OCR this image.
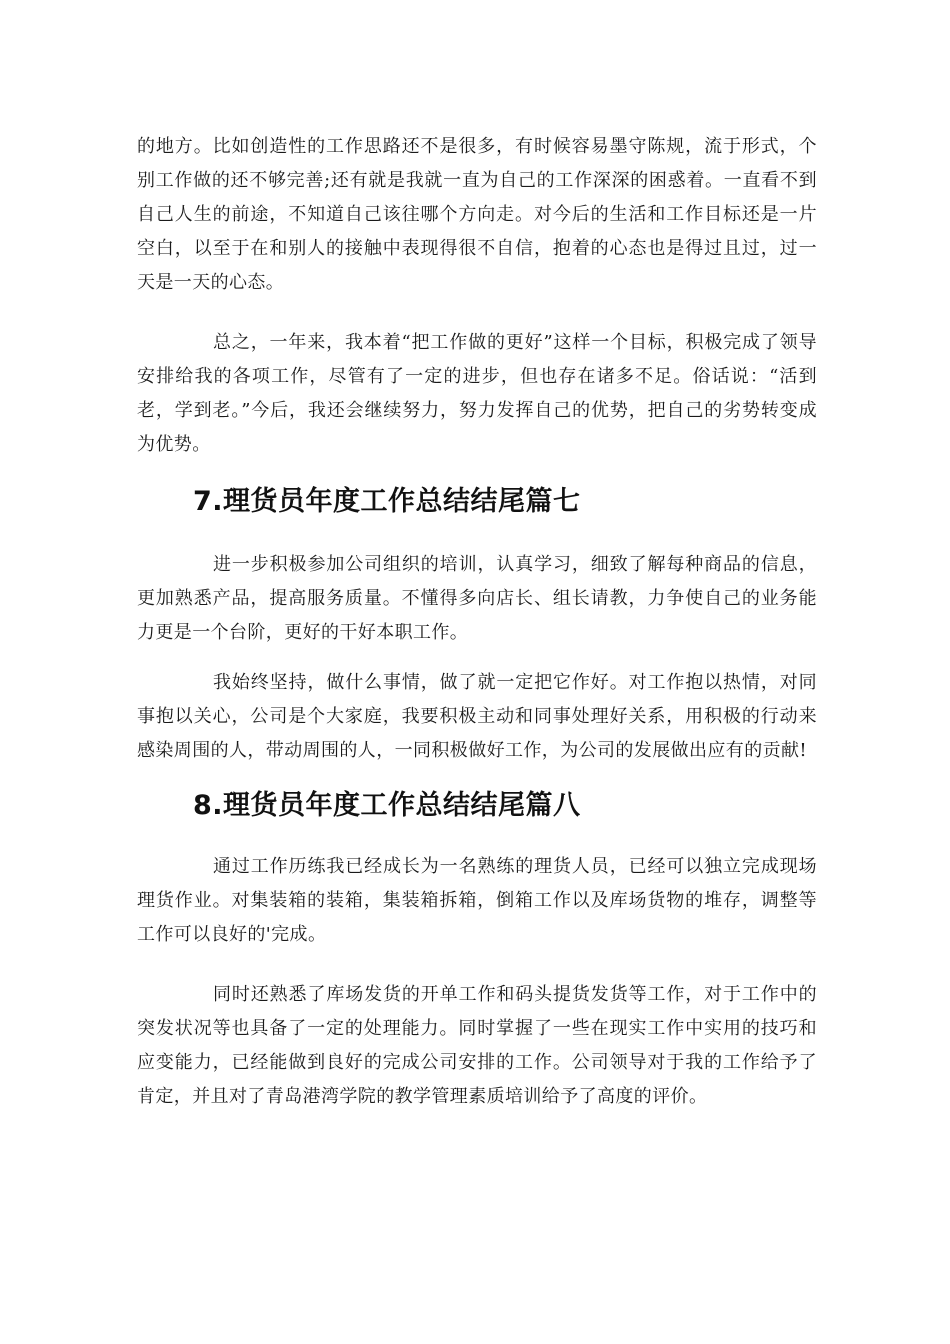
的地方。比如创造性的工作思路还不是很多，有时候容易墨守陈规，流于形式，个别工作做的还不够完善;还有就是我就一直为自己的工作深深的困惑着。一直看不到自己人生的前途，不知道自己该往哪个方向走。对今后的生活和工作目标还是一片空白，以至于在和别人的接触中表现得很不自信，抱着的心态也是得过且过，过一天是一天的心态。

总之，一年来，我本着“把工作做的更好”这样一个目标，积极完成了领导安排给我的各项工作，尽管有了一定的进步，但也存在诸多不足。俗话说：“活到老，学到老。”今后，我还会继续努力，努力发挥自己的优势，把自己的劣势转变成为优势。

7.理货员年度工作总结结尾篇七

进一步积极参加公司组织的培训，认真学习，细致了解每种商品的信息，更加熟悉产品，提高服务质量。不懂得多向店长、组长请教，力争使自己的业务能力更是一个台阶，更好的干好本职工作。

我始终坚持，做什么事情，做了就一定把它作好。对工作抱以热情，对同事抱以关心，公司是个大家庭，我要积极主动和同事处理好关系，用积极的行动来感染周围的人，带动周围的人，一同积极做好工作，为公司的发展做出应有的贡献!

8.理货员年度工作总结结尾篇八

通过工作历练我已经成长为一名熟练的理货人员，已经可以独立完成现场理货作业。对集装箱的装箱，集装箱拆箱，倒箱工作以及库场货物的堆存，调整等工作可以良好的'完成。

同时还熟悉了库场发货的开单工作和码头提货发货等工作，对于工作中的突发状况等也具备了一定的处理能力。同时掌握了一些在现实工作中实用的技巧和应变能力，已经能做到良好的完成公司安排的工作。公司领导对于我的工作给予了肯定，并且对了青岛港湾学院的教学管理素质培训给予了高度的评价。
